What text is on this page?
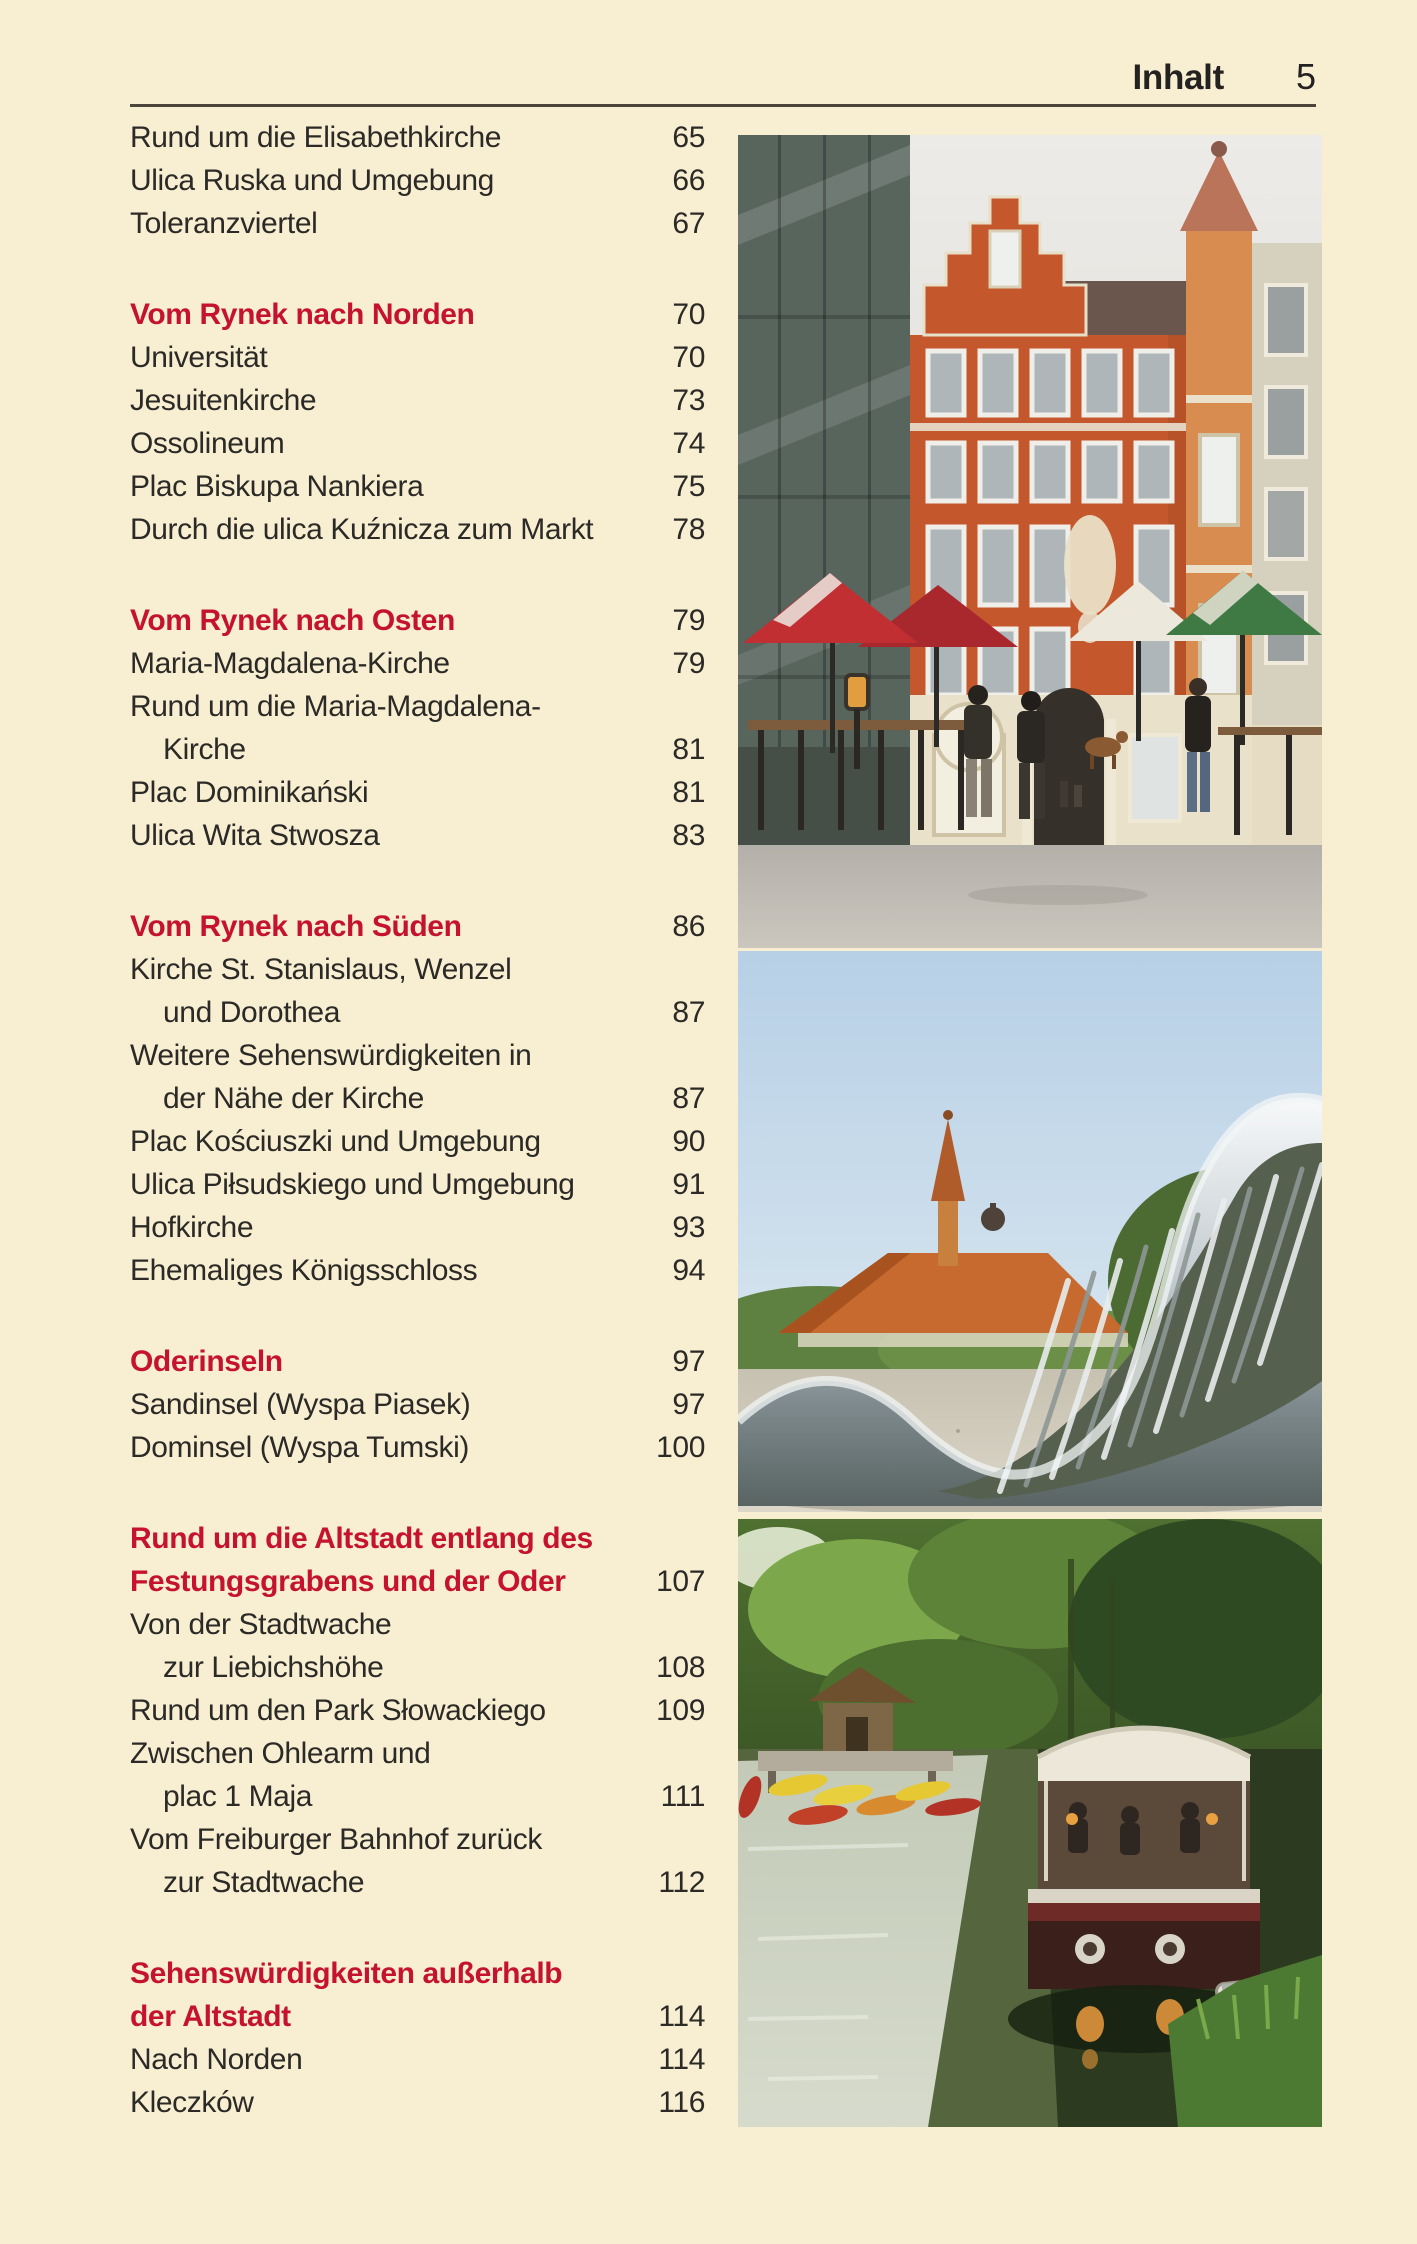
Inhalt 5
Rund um die Elisabethkirche	65
Ulica Ruska und Umgebung	66
Toleranzviertel	67
Vom Rynek nach Norden	70
Universität	70
Jesuitenkirche	73
Ossolineum	74
Plac Biskupa Nankiera	75
Durch die ulica Kuźnicza zum Markt	78
Vom Rynek nach Osten	79
Maria-Magdalena-Kirche	79
Rund um die Maria-Magdalena-
Kirche	81
Plac Dominikański	81
Ulica Wita Stwosza	83
Vom Rynek nach Süden	86
Kirche St. Stanislaus, Wenzel
und Dorothea	87
Weitere Sehenswürdigkeiten in
der Nähe der Kirche	87
Plac Kościuszki und Umgebung	90
Ulica Piłsudskiego und Umgebung	91
Hofkirche	93
Ehemaliges Königsschloss	94
Oderinseln	97
Sandinsel (Wyspa Piasek)	97
Dominsel (Wyspa Tumski)	100
Rund um die Altstadt entlang des
Festungsgrabens und der Oder	107
Von der Stadtwache
zur Liebichshöhe	108
Rund um den Park Słowackiego	109
Zwischen Ohlearm und
plac 1 Maja	111
Vom Freiburger Bahnhof zurück
zur Stadtwache	112
Sehenswürdigkeiten außerhalb
der Altstadt	114
Nach Norden	114
Kleczków	116
